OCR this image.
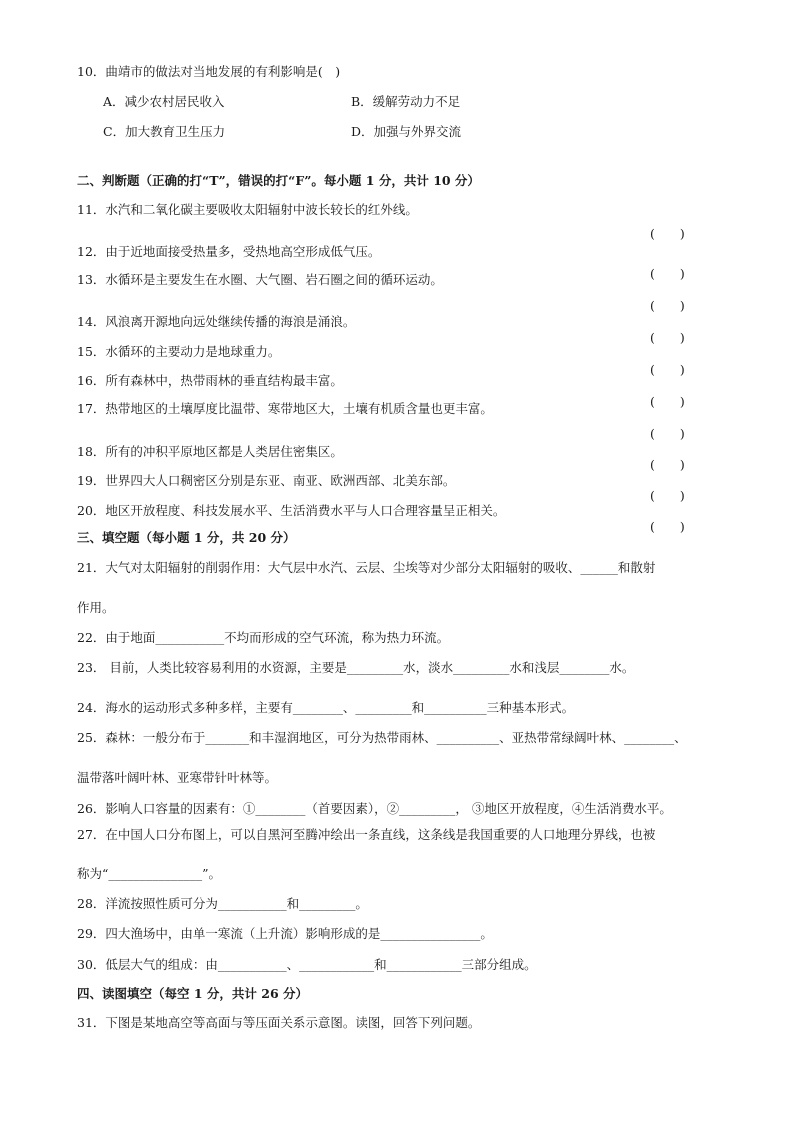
10．曲靖市的做法对当地发展的有利影响是(　)
A．减少农村居民收入	B．缓解劳动力不足
C．加大教育卫生压力	D．加强与外界交流
二、判断题（正确的打“T”，错误的打“F”。每小题 1 分，共计 10 分）
11．水汽和二氧化碳主要吸收太阳辐射中波长较长的红外线。
12．由于近地面接受热量多，受热地高空形成低气压。
13．水循环是主要发生在水圈、大气圈、岩石圈之间的循环运动。
14．风浪离开源地向远处继续传播的海浪是涌浪。
15．水循环的主要动力是地球重力。
16．所有森林中，热带雨林的垂直结构最丰富。
17．热带地区的土壤厚度比温带、寒带地区大，土壤有机质含量也更丰富。
18．所有的冲积平原地区都是人类居住密集区。
19．世界四大人口稠密区分别是东亚、南亚、欧洲西部、北美东部。
20．地区开放程度、科技发展水平、生活消费水平与人口合理容量呈正相关。
(　　)
(　　)
(　　)
(　　)
(　　)
(　　)
(　　)
(　　)
(　　)
(　　)
三、填空题（每小题 1 分，共 20 分）
21．大气对太阳辐射的削弱作用：大气层中水汽、云层、尘埃等对少部分太阳辐射的吸收、______和散射
作用。
22．由于地面___________不均而形成的空气环流，称为热力环流。
23． 目前，人类比较容易利用的水资源，主要是_________水，淡水_________水和浅层________水。
24．海水的运动形式多种多样，主要有________、_________和__________三种基本形式。
25．森林：一般分布于_______和丰湿润地区，可分为热带雨林、__________、亚热带常绿阔叶林、________、
温带落叶阔叶林、亚寒带针叶林等。
26．影响人口容量的因素有：①________（首要因素），②_________， ③地区开放程度，④生活消费水平。
27．在中国人口分布图上，可以自黑河至腾冲绘出一条直线，这条线是我国重要的人口地理分界线，也被
称为“_______________”。
28．洋流按照性质可分为___________和_________。
29．四大渔场中，由单一寒流（上升流）影响形成的是________________。
30．低层大气的组成：由___________、____________和____________三部分组成。
四、读图填空（每空 1 分，共计 26 分）
31．下图是某地高空等高面与等压面关系示意图。读图，回答下列问题。
